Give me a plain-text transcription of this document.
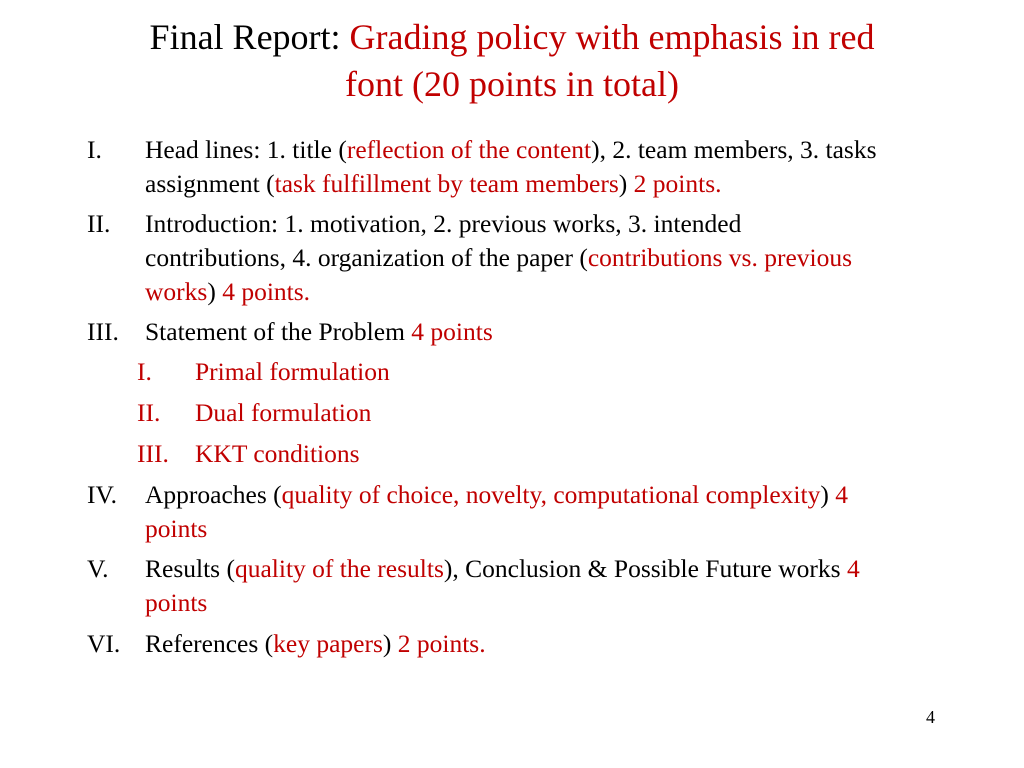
Final Report: Grading policy with emphasis in red
font (20 points in total)
I. Head lines: 1. title (reflection of the content), 2. team members, 3. tasks
assignment (task fulfillment by team members) 2 points.
II. Introduction: 1. motivation, 2. previous works, 3. intended
contributions, 4. organization of the paper (contributions vs. previous
works) 4 points.
III. Statement of the Problem 4 points
I. Primal formulation
II. Dual formulation
III. KKT conditions
IV. Approaches (quality of choice, novelty, computational complexity) 4
points
V. Results (quality of the results), Conclusion & Possible Future works 4
points
VI. References (key papers) 2 points.
4
